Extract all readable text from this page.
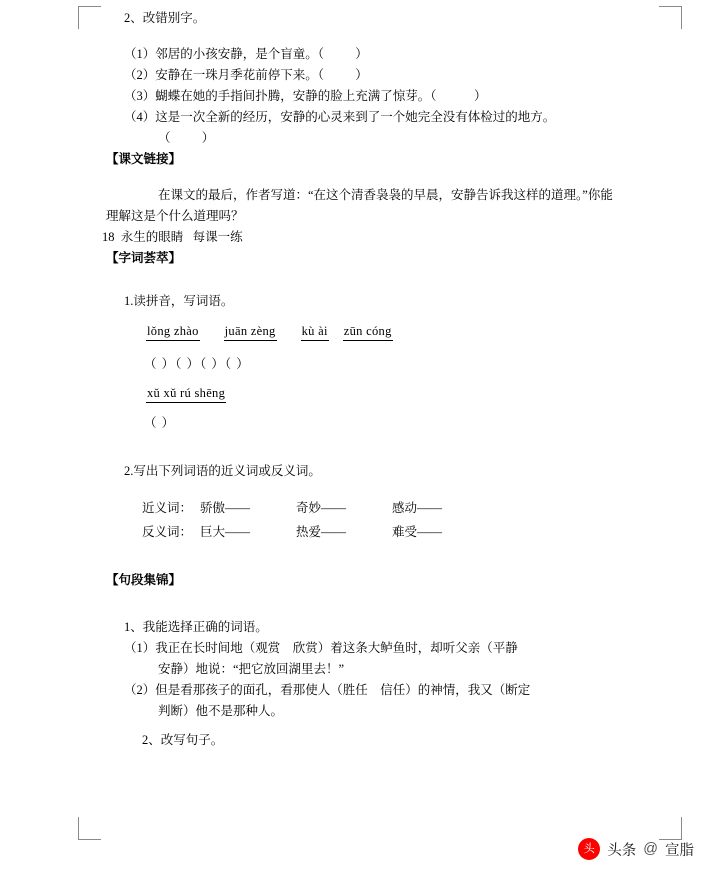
2、改错别字。
（1）邻居的小孩安静，是个盲童。（          ）
（2）安静在一珠月季花前停下来。（          ）
（3）蝴蝶在她的手指间扑腾，安静的脸上充满了惊芽。（            ）
（4）这是一次全新的经历，安静的心灵来到了一个她完全没有体检过的地方。
（          ）
【课文链接】
在课文的最后，作者写道：“在这个清香袅袅的早晨，安静告诉我这样的道理。”你能
理解这是个什么道理吗？
18  永生的眼睛   每课一练
【字词荟萃】
1.读拼音，写词语。
lǒng zhào juān zèng kù ài zūn cóng
（ ）（ ）（ ）（ ）
xǔ xǔ rú shēng
（ ）
2.写出下列词语的近义词或反义词。
近义词： 骄傲——	奇妙——	感动——
反义词： 巨大——	热爱——	难受——
【句段集锦】
1、我能选择正确的词语。
（1）我正在长时间地（观赏    欣赏）着这条大鲈鱼时，却听父亲（平静
安静）地说：“把它放回湖里去！”
（2）但是看那孩子的面孔，看那使人（胜任    信任）的神情，我又（断定
判断）他不是那种人。
2、改写句子。
头 头条 @ 宣脂
